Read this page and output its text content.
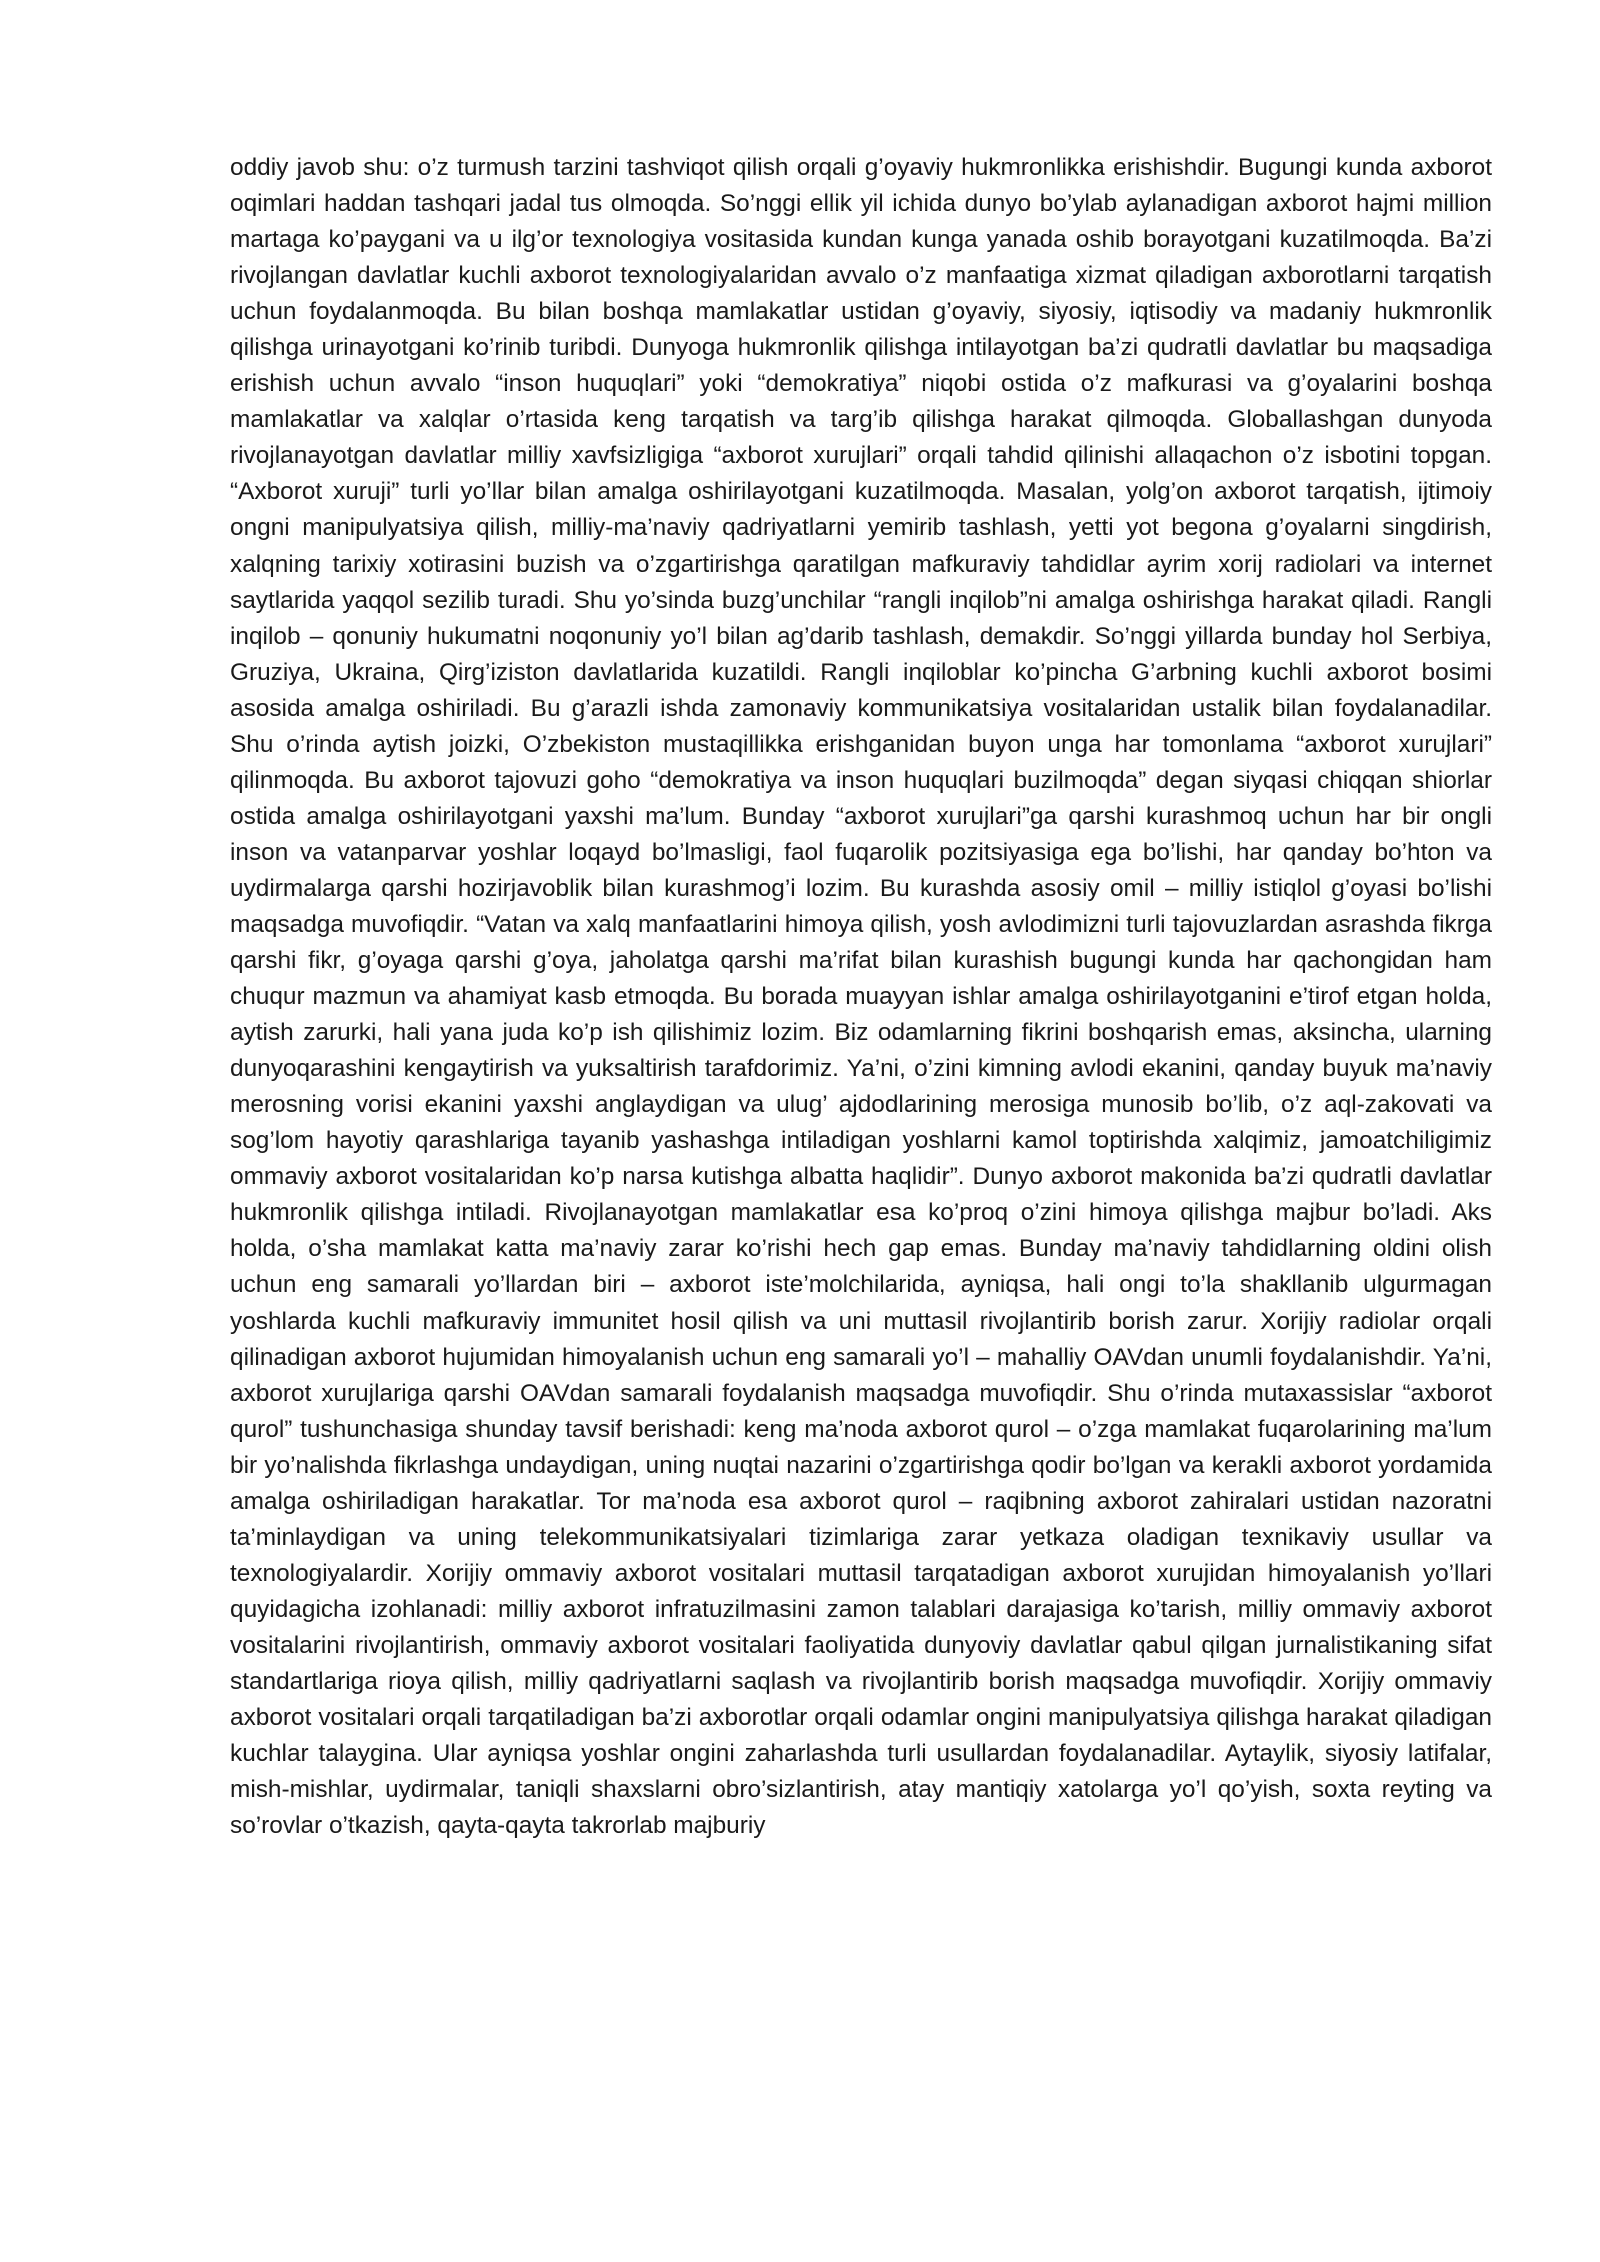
oddiy javob shu: o’z turmush tarzini tashviqot qilish orqali g’oyaviy hukmronlikka erishishdir. Bugungi kunda axborot oqimlari haddan tashqari jadal tus olmoqda. So’nggi ellik yil ichida dunyo bo’ylab aylanadigan axborot hajmi million martaga ko’paygani va u ilg’or texnologiya vositasida kundan kunga yanada oshib borayotgani kuzatilmoqda. Ba’zi rivojlangan davlatlar kuchli axborot texnologiyalaridan avvalo o’z manfaatiga xizmat qiladigan axborotlarni tarqatish uchun foydalanmoqda. Bu bilan boshqa mamlakatlar ustidan g’oyaviy, siyosiy, iqtisodiy va madaniy hukmronlik qilishga urinayotgani ko’rinib turibdi. Dunyoga hukmronlik qilishga intilayotgan ba’zi qudratli davlatlar bu maqsadiga erishish uchun avvalo “inson huquqlari” yoki “demokratiya” niqobi ostida o’z mafkurasi va g’oyalarini boshqa mamlakatlar va xalqlar o’rtasida keng tarqatish va targ’ib qilishga harakat qilmoqda. Globallashgan dunyoda rivojlanayotgan davlatlar milliy xavfsizligiga “axborot xurujlari” orqali tahdid qilinishi allaqachon o’z isbotini topgan. “Axborot xuruji” turli yo’llar bilan amalga oshirilayotgani kuzatilmoqda. Masalan, yolg’on axborot tarqatish, ijtimoiy ongni manipulyatsiya qilish, milliy-ma’naviy qadriyatlarni yemirib tashlash, yetti yot begona g’oyalarni singdirish, xalqning tarixiy xotirasini buzish va o’zgartirishga qaratilgan mafkuraviy tahdidlar ayrim xorij radiolari va internet saytlarida yaqqol sezilib turadi. Shu yo’sinda buzg’unchilar “rangli inqilob”ni amalga oshirishga harakat qiladi. Rangli inqilob – qonuniy hukumatni noqonuniy yo’l bilan ag’darib tashlash, demakdir. So’nggi yillarda bunday hol Serbiya, Gruziya, Ukraina, Qirg’iziston davlatlarida kuzatildi. Rangli inqiloblar ko’pincha G’arbning kuchli axborot bosimi asosida amalga oshiriladi. Bu g’arazli ishda zamonaviy kommunikatsiya vositalaridan ustalik bilan foydalanadilar. Shu o’rinda aytish joizki, O’zbekiston mustaqillikka erishganidan buyon unga har tomonlama “axborot xurujlari” qilinmoqda. Bu axborot tajovuzi goho “demokratiya va inson huquqlari buzilmoqda” degan siyqasi chiqqan shiorlar ostida amalga oshirilayotgani yaxshi ma’lum. Bunday “axborot xurujlari”ga qarshi kurashmoq uchun har bir ongli inson va vatanparvar yoshlar loqayd bo’lmasligi, faol fuqarolik pozitsiyasiga ega bo’lishi, har qanday bo’hton va uydirmalarga qarshi hozirjavoblik bilan kurashmog’i lozim. Bu kurashda asosiy omil – milliy istiqlol g’oyasi bo’lishi maqsadga muvofiqdir. “Vatan va xalq manfaatlarini himoya qilish, yosh avlodimizni turli tajovuzlardan asrashda fikrga qarshi fikr, g’oyaga qarshi g’oya, jaholatga qarshi ma’rifat bilan kurashish bugungi kunda har qachongidan ham chuqur mazmun va ahamiyat kasb etmoqda. Bu borada muayyan ishlar amalga oshirilayotganini e’tirof etgan holda, aytish zarurki, hali yana juda ko’p ish qilishimiz lozim. Biz odamlarning fikrini boshqarish emas, aksincha, ularning dunyoqarashini kengaytirish va yuksaltirish tarafdorimiz. Ya’ni, o’zini kimning avlodi ekanini, qanday buyuk ma’naviy merosning vorisi ekanini yaxshi anglaydigan va ulug’ ajdodlarining merosiga munosib bo’lib, o’z aql-zakovati va sog’lom hayotiy qarashlariga tayanib yashashga intiladigan yoshlarni kamol toptirishda xalqimiz, jamoatchiligimiz ommaviy axborot vositalaridan ko’p narsa kutishga albatta haqlidir”. Dunyo axborot makonida ba’zi qudratli davlatlar hukmronlik qilishga intiladi. Rivojlanayotgan mamlakatlar esa ko’proq o’zini himoya qilishga majbur bo’ladi. Aks holda, o’sha mamlakat katta ma’naviy zarar ko’rishi hech gap emas. Bunday ma’naviy tahdidlarning oldini olish uchun eng samarali yo’llardan biri – axborot iste’molchilarida, ayniqsa, hali ongi to’la shakllanib ulgurmagan yoshlarda kuchli mafkuraviy immunitet hosil qilish va uni muttasil rivojlantirib borish zarur. Xorijiy radiolar orqali qilinadigan axborot hujumidan himoyalanish uchun eng samarali yo’l – mahalliy OAVdan unumli foydalanishdir. Ya’ni, axborot xurujlariga qarshi OAVdan samarali foydalanish maqsadga muvofiqdir. Shu o’rinda mutaxassislar “axborot qurol” tushunchasiga shunday tavsif berishadi: keng ma’noda axborot qurol – o’zga mamlakat fuqarolarining ma’lum bir yo’nalishda fikrlashga undaydigan, uning nuqtai nazarini o’zgartirishga qodir bo’lgan va kerakli axborot yordamida amalga oshiriladigan harakatlar. Tor ma’noda esa axborot qurol – raqibning axborot zahiralari ustidan nazoratni ta’minlaydigan va uning telekommunikatsiyalari tizimlariga zarar yetkaza oladigan texnikaviy usullar va texnologiyalardir. Xorijiy ommaviy axborot vositalari muttasil tarqatadigan axborot xurujidan himoyalanish yo’llari quyidagicha izohlanadi: milliy axborot infratuzilmasini zamon talablari darajasiga ko’tarish, milliy ommaviy axborot vositalarini rivojlantirish, ommaviy axborot vositalari faoliyatida dunyoviy davlatlar qabul qilgan jurnalistikaning sifat standartlariga rioya qilish, milliy qadriyatlarni saqlash va rivojlantirib borish maqsadga muvofiqdir. Xorijiy ommaviy axborot vositalari orqali tarqatiladigan ba’zi axborotlar orqali odamlar ongini manipulyatsiya qilishga harakat qiladigan kuchlar talaygina. Ular ayniqsa yoshlar ongini zaharlashda turli usullardan foydalanadilar. Aytaylik, siyosiy latifalar, mish-mishlar, uydirmalar, taniqli shaxslarni obro’sizlantirish, atay mantiqiy xatolarga yo’l qo’yish, soxta reyting va so’rovlar o’tkazish, qayta-qayta takrorlab majburiy
